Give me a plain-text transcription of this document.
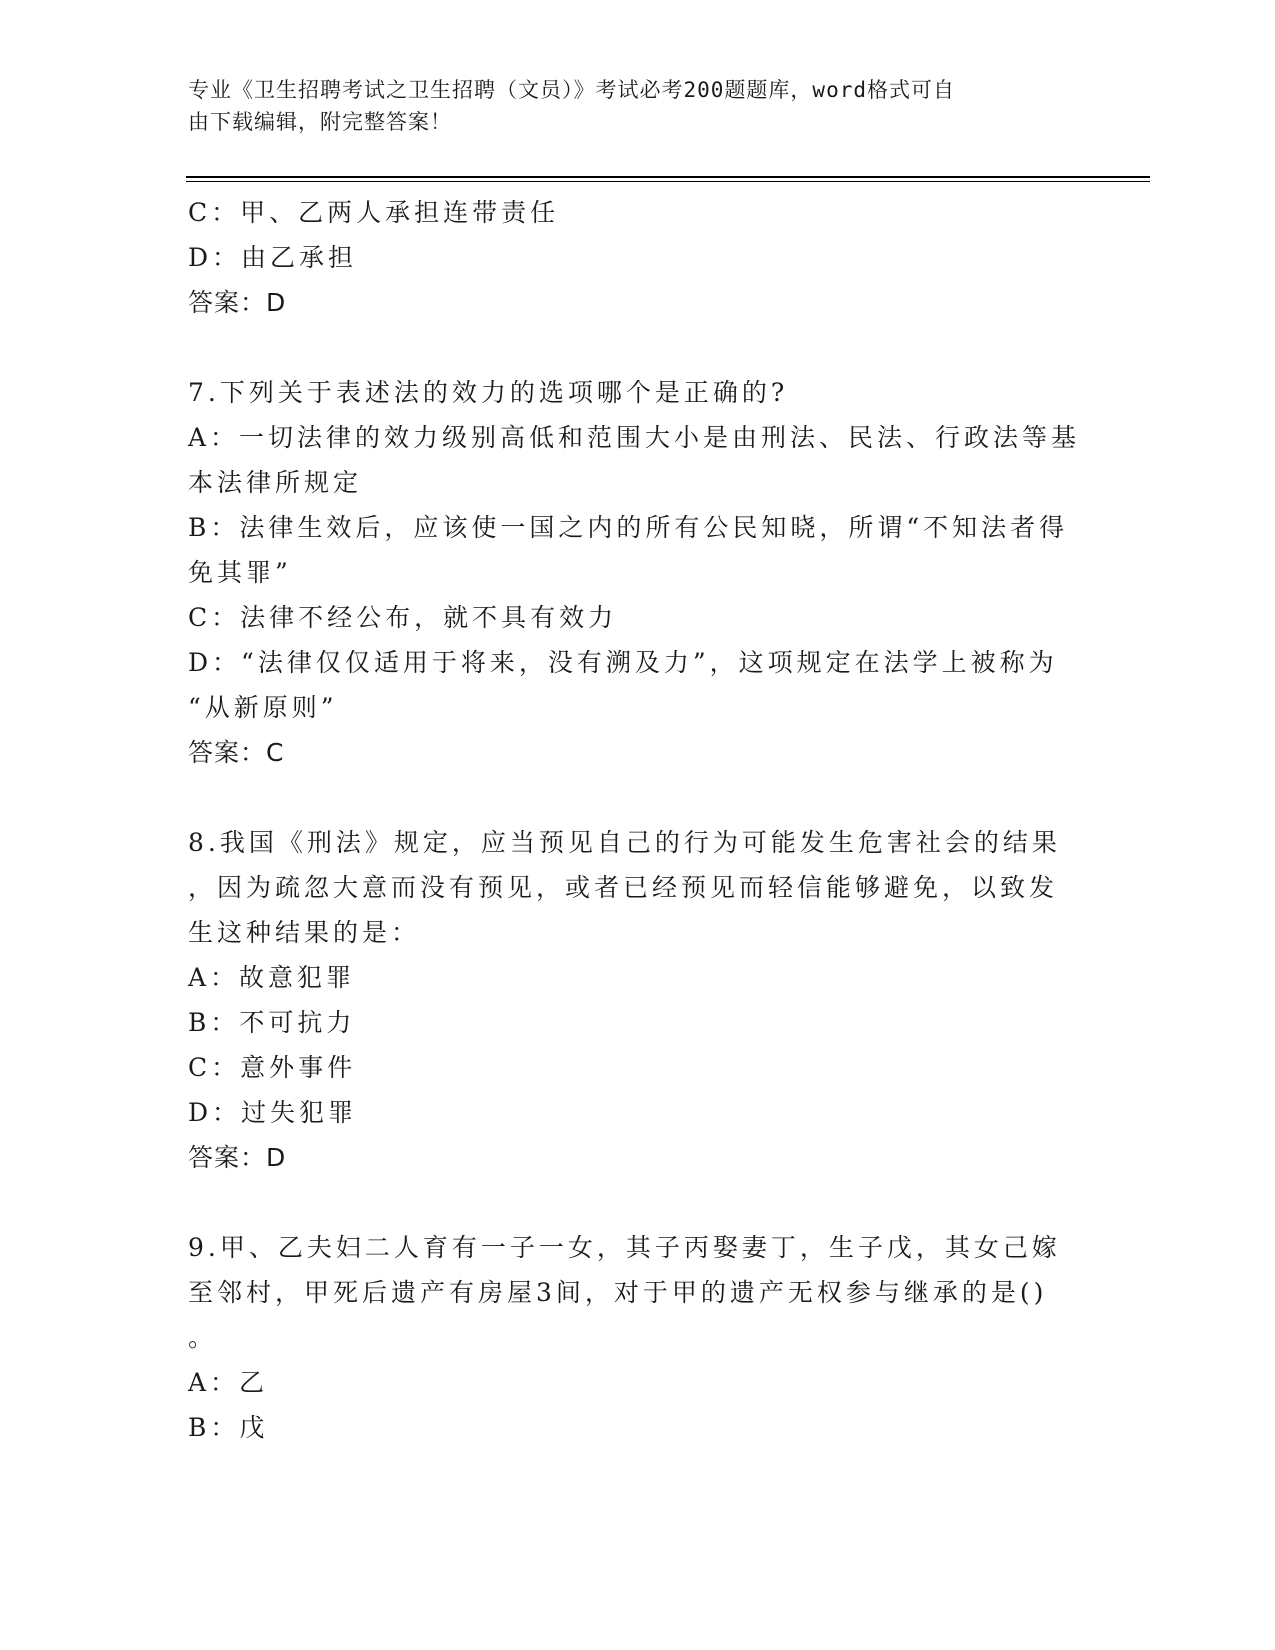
专业《卫生招聘考试之卫生招聘（文员）》考试必考200题题库，word格式可自
由下载编辑，附完整答案！
C：甲、乙两人承担连带责任
D：由乙承担
答案：D
7.下列关于表述法的效力的选项哪个是正确的?
A：一切法律的效力级别高低和范围大小是由刑法、民法、行政法等基
本法律所规定
B：法律生效后，应该使一国之内的所有公民知晓，所谓“不知法者得
免其罪”
C：法律不经公布，就不具有效力
D：“法律仅仅适用于将来，没有溯及力”，这项规定在法学上被称为
“从新原则”
答案：C
8.我国《刑法》规定，应当预见自己的行为可能发生危害社会的结果
，因为疏忽大意而没有预见，或者已经预见而轻信能够避免，以致发
生这种结果的是：
A：故意犯罪
B：不可抗力
C：意外事件
D：过失犯罪
答案：D
9.甲、乙夫妇二人育有一子一女，其子丙娶妻丁，生子戊，其女己嫁
至邻村，甲死后遗产有房屋3间，对于甲的遗产无权参与继承的是()
。
A：乙
B：戊
